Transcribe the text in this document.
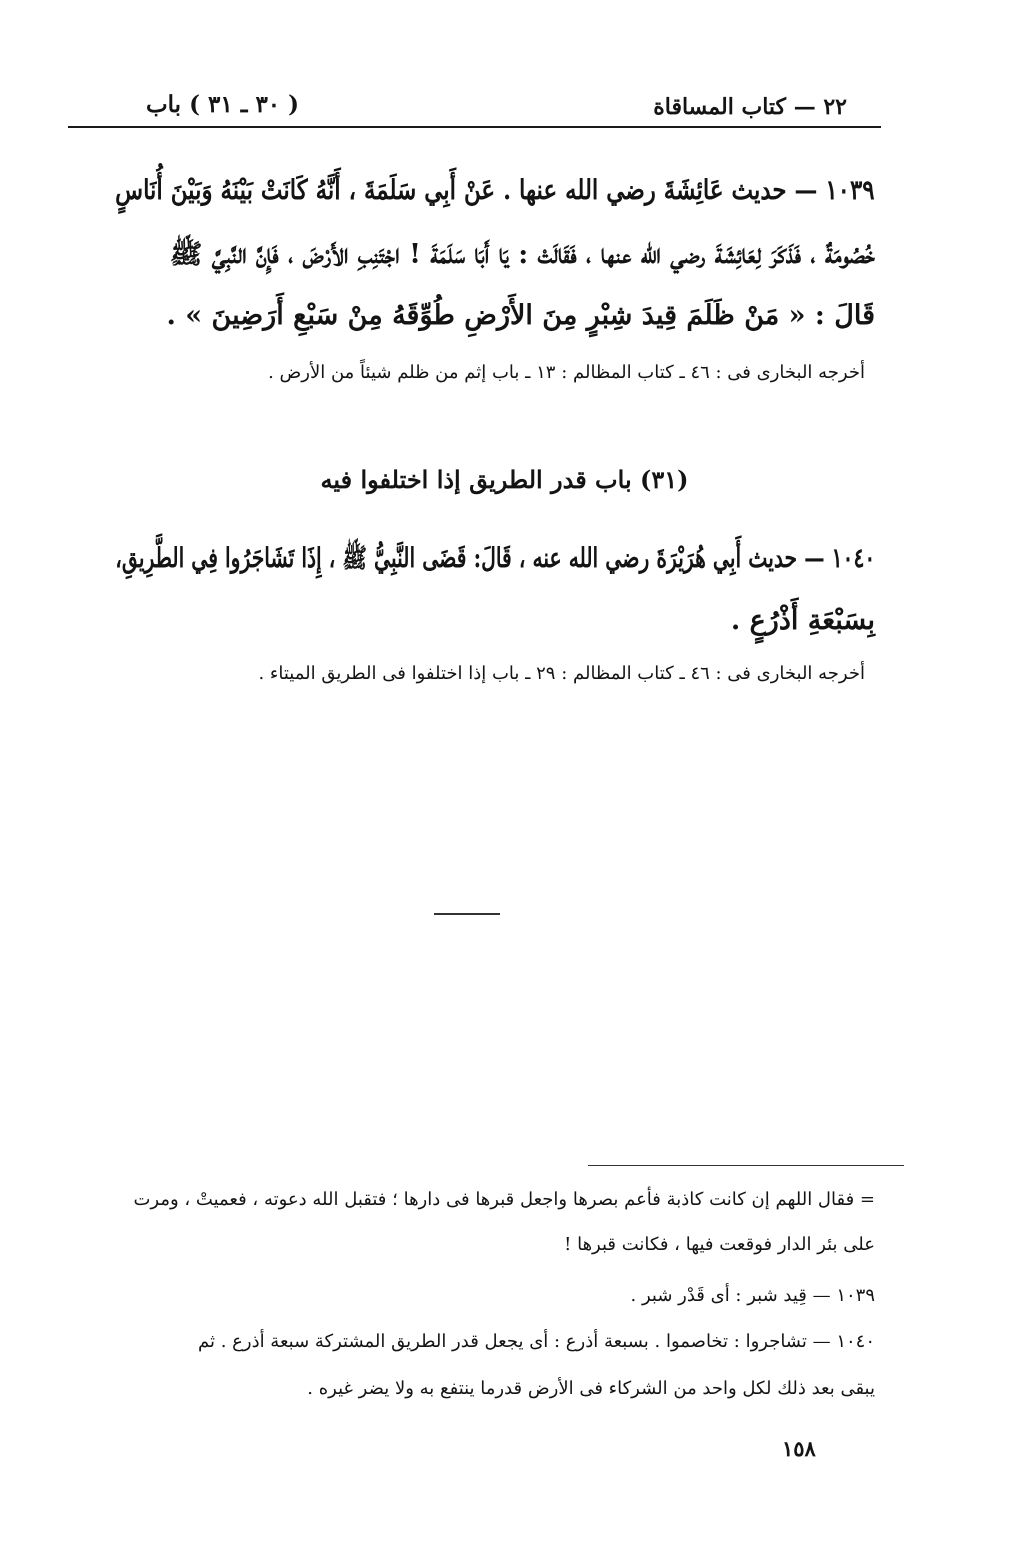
٢٢ — كتاب المساقاة
( ٣٠ ـ ٣١ ) باب
١٠٣٩ — حديث عَائِشَةَ رضي الله عنها . عَنْ أَبِي سَلَمَةَ ، أَنَّهُ كَانَتْ بَيْنَهُ وَبَيْنَ أُنَاسٍ
خُصُومَةٌ ، فَذَكَرَ لِعَائِشَةَ رضي الله عنها ، فَقَالَتْ : يَا أَبَا سَلَمَةَ ! اجْتَنِبِ الأَرْضَ ، فَإِنَّ النَّبِيَّ ﷺ
قَالَ : « مَنْ ظَلَمَ قِيدَ شِبْرٍ مِنَ الأَرْضِ طُوِّقَهُ مِنْ سَبْعِ أَرَضِينَ » .
أخرجه البخارى فى : ٤٦ ـ كتاب المظالم : ١٣ ـ باب إثم من ظلم شيئاً من الأرض .
(٣١) باب قدر الطريق إذا اختلفوا فيه
١٠٤٠ — حديث أَبِي هُرَيْرَةَ رضي الله عنه ، قَالَ: قَضَى النَّبِيُّ ﷺ ، إِذَا تَشَاجَرُوا فِي الطَّرِيقِ،
بِسَبْعَةِ أَذْرُعٍ .
أخرجه البخارى فى : ٤٦ ـ كتاب المظالم : ٢٩ ـ باب إذا اختلفوا فى الطريق الميتاء .
= فقال اللهم إن كانت كاذبة فأعم بصرها واجعل قبرها فى دارها ؛ فتقبل الله دعوته ، فعميتْ ، ومرت
على بئر الدار فوقعت فيها ، فكانت قبرها !
١٠٣٩ — قِيد شبر : أى قَدْر شبر .
١٠٤٠ — تشاجروا : تخاصموا . بسبعة أذرع : أى يجعل قدر الطريق المشتركة سبعة أذرع . ثم
يبقى بعد ذلك لكل واحد من الشركاء فى الأرض قدرما ينتفع به ولا يضر غيره .
١٥٨
